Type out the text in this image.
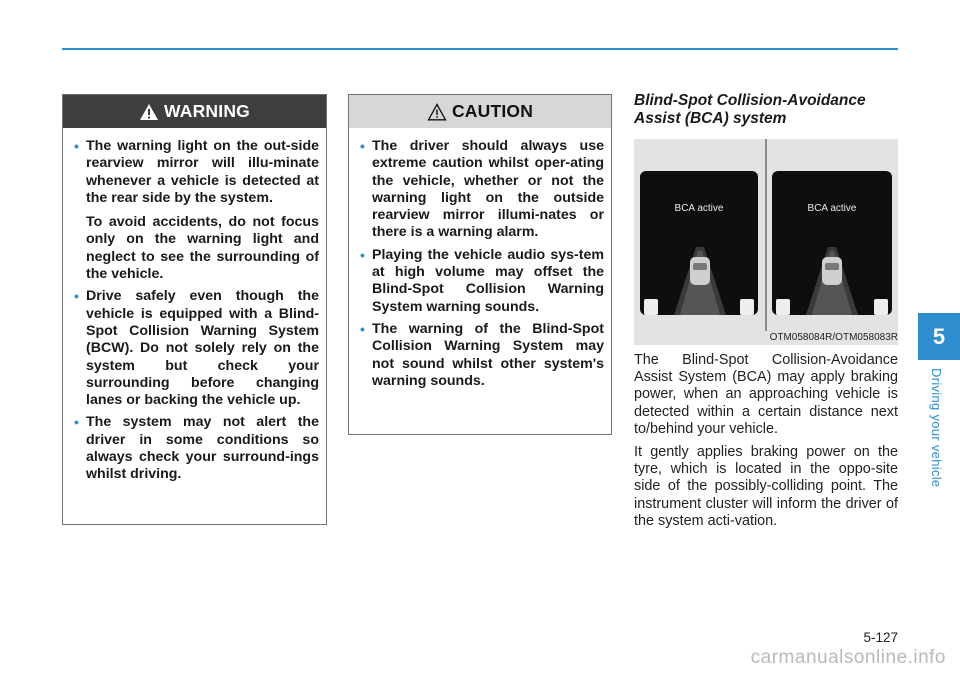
WARNING
• The warning light on the out-side rearview mirror will illu-minate whenever a vehicle is detected at the rear side by the system.

To avoid accidents, do not focus only on the warning light and neglect to see the surrounding of the vehicle.

• Drive safely even though the vehicle is equipped with a Blind-Spot Collision Warning System (BCW). Do not solely rely on the system but check your surrounding before changing lanes or backing the vehicle up.

• The system may not alert the driver in some conditions so always check your surround-ings whilst driving.

CAUTION
• The driver should always use extreme caution whilst oper-ating the vehicle, whether or not the warning light on the outside rearview mirror illumi-nates or there is a warning alarm.

• Playing the vehicle audio sys-tem at high volume may offset the Blind-Spot Collision Warning System warning sounds.

• The warning of the Blind-Spot Collision Warning System may not sound whilst other system's warning sounds.

Blind-Spot Collision-Avoidance
Assist (BCA) system
BCA active	BCA active
OTM058084R/OTM058083R

The Blind-Spot Collision-Avoidance Assist System (BCA) may apply braking power, when an approaching vehicle is detected within a certain distance next to/behind your vehicle.

It gently applies braking power on the tyre, which is located in the oppo-site side of the possibly-colliding point. The instrument cluster will inform the driver of the system acti-vation.

5
Driving your vehicle
5-127
carmanualsonline.info
